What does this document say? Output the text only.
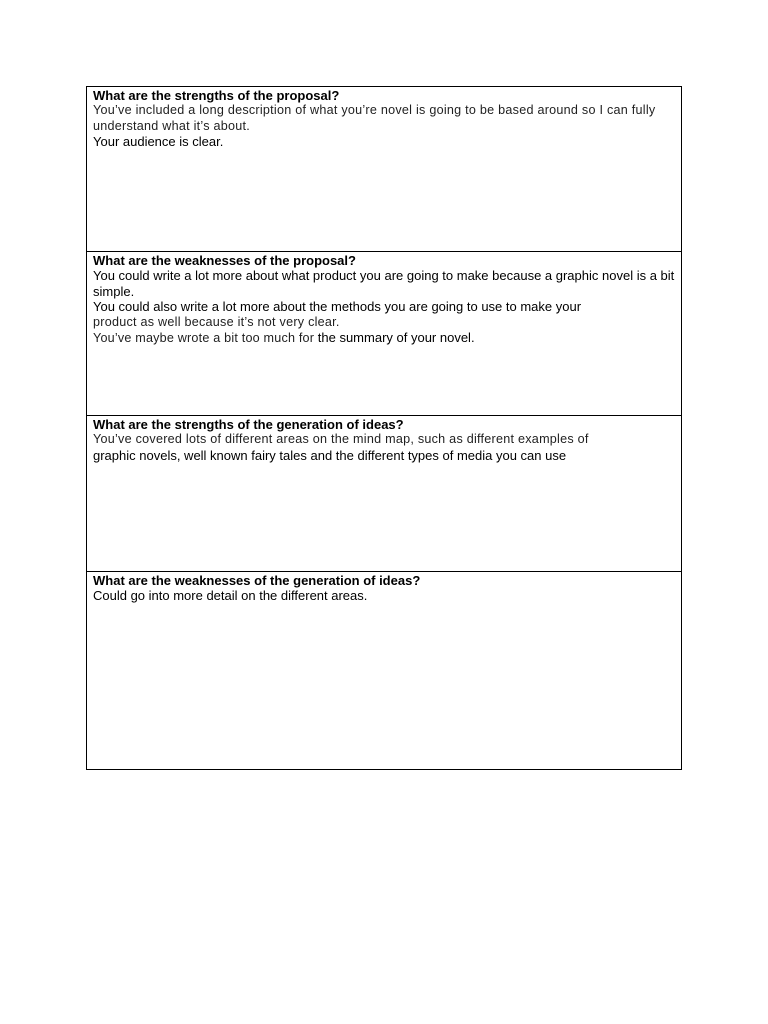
What are the strengths of the proposal?

You’ve included a long description of what you’re novel is going to be based around so I can fully understand what it’s about.

Your audience is clear.

What are the weaknesses of the proposal?

You could write a lot more about what product you are going to make because a graphic novel is a bit simple.

You could also write a lot more about the methods you are going to use to make your

product as well because it’s not very clear.

You’ve maybe wrote a bit too much for the summary of your novel.

What are the strengths of the generation of ideas?

You’ve covered lots of different areas on the mind map, such as different examples of

graphic novels, well known fairy tales and the different types of media you can use

What are the weaknesses of the generation of ideas?

Could go into more detail on the different areas.
